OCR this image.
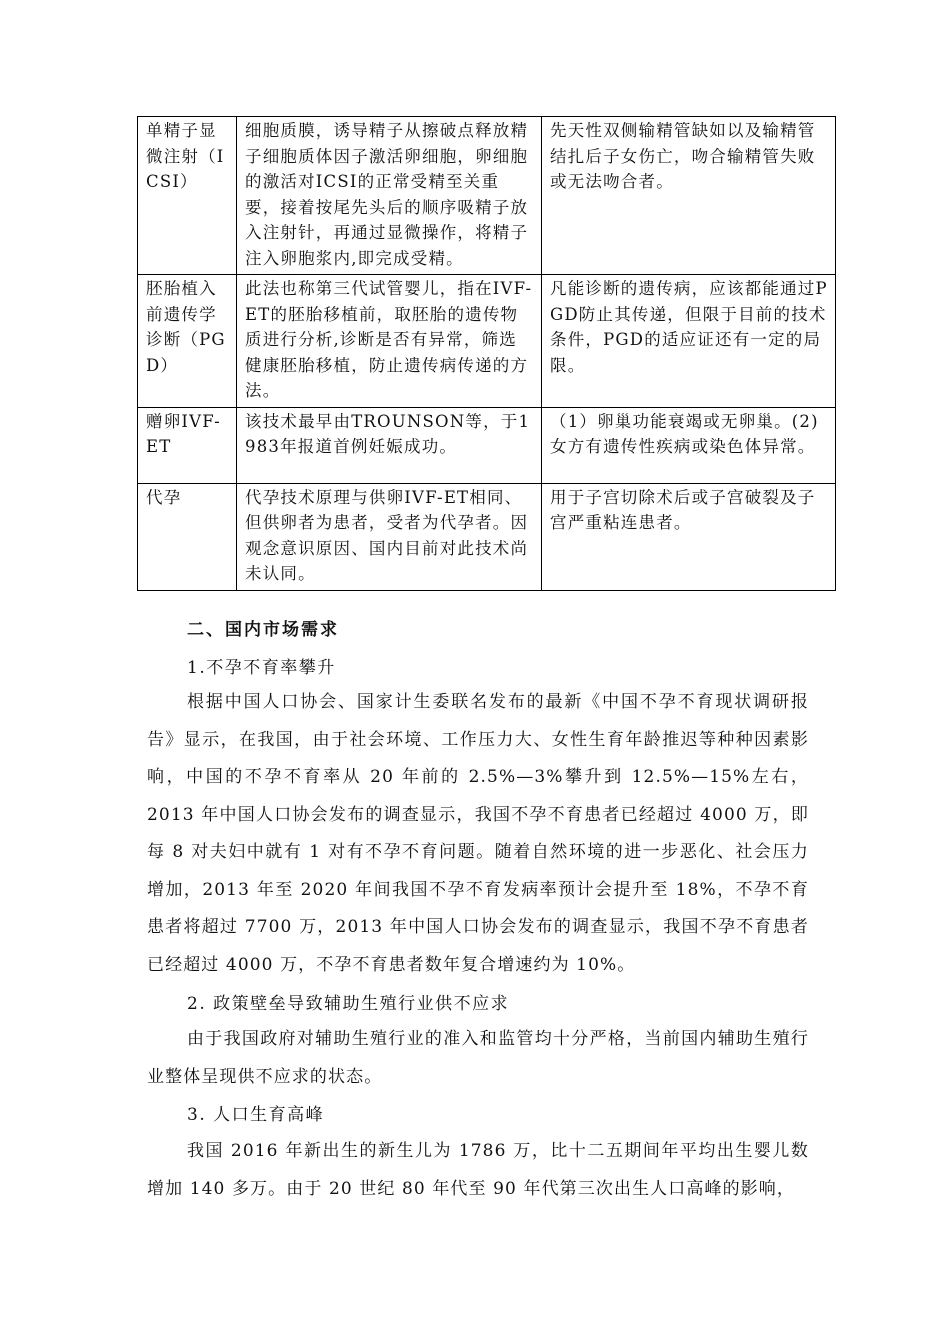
单精子显微注射（ICSI）	细胞质膜，诱导精子从擦破点释放精子细胞质体因子激活卵细胞，卵细胞的激活对ICSI的正常受精至关重要，接着按尾先头后的顺序吸精子放入注射针，再通过显微操作，将精子注入卵胞浆内,即完成受精。	先天性双侧输精管缺如以及输精管结扎后子女伤亡，吻合输精管失败或无法吻合者。
胚胎植入前遗传学诊断（PGD）	此法也称第三代试管婴儿，指在IVF-ET的胚胎移植前，取胚胎的遗传物质进行分析,诊断是否有异常，筛选健康胚胎移植，防止遗传病传递的方法。	凡能诊断的遗传病，应该都能通过PGD防止其传递，但限于目前的技术条件，PGD的适应证还有一定的局限。
赠卵IVF-ET	该技术最早由TROUNSON等，于1983年报道首例妊娠成功。	（1）卵巢功能衰竭或无卵巢。(2)女方有遗传性疾病或染色体异常。
代孕	代孕技术原理与供卵IVF-ET相同、但供卵者为患者，受者为代孕者。因观念意识原因、国内目前对此技术尚未认同。	用于子宫切除术后或子宫破裂及子宫严重粘连患者。
二、国内市场需求
1.不孕不育率攀升

根据中国人口协会、国家计生委联名发布的最新《中国不孕不育现状调研报告》显示，在我国，由于社会环境、工作压力大、女性生育年龄推迟等种种因素影响，中国的不孕不育率从 20 年前的 2.5%—3%攀升到 12.5%—15%左右，2013 年中国人口协会发布的调查显示，我国不孕不育患者已经超过 4000 万，即每 8 对夫妇中就有 1 对有不孕不育问题。随着自然环境的进一步恶化、社会压力增加，2013 年至 2020 年间我国不孕不育发病率预计会提升至 18%，不孕不育患者将超过 7700 万，2013 年中国人口协会发布的调查显示，我国不孕不育患者已经超过 4000 万，不孕不育患者数年复合增速约为 10%。

2. 政策壁垒导致辅助生殖行业供不应求

由于我国政府对辅助生殖行业的准入和监管均十分严格，当前国内辅助生殖行业整体呈现供不应求的状态。

3. 人口生育高峰

我国 2016 年新出生的新生儿为 1786 万，比十二五期间年平均出生婴儿数增加 140 多万。由于 20 世纪 80 年代至 90 年代第三次出生人口高峰的影响，
